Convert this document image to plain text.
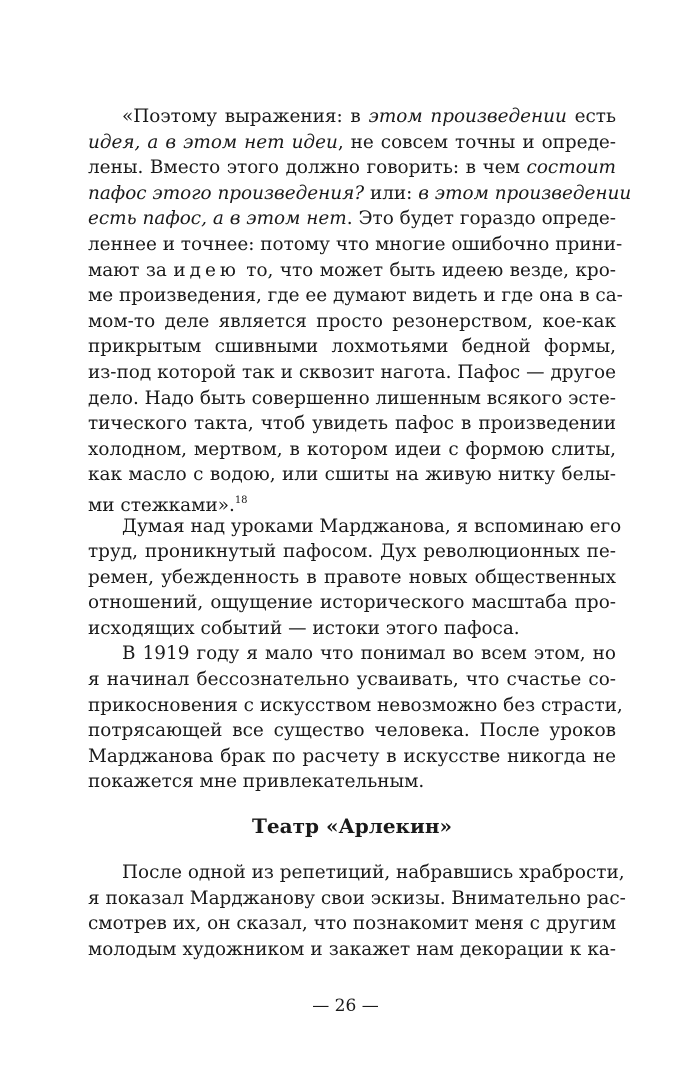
«Поэтому выражения: в этом произведении есть
идея, а в этом нет идеи, не совсем точны и опреде-
лены. Вместо этого должно говорить: в чем состоит
пафос этого произведения? или: в этом произведении
есть пафос, а в этом нет. Это будет гораздо опреде-
леннее и точнее: потому что многие ошибочно прини-
мают за идею то, что может быть идеею везде, кро-
ме произведения, где ее думают видеть и где она в са-
мом-то деле является просто резонерством, кое-как
прикрытым сшивными лохмотьями бедной формы,
из-под которой так и сквозит нагота. Пафос — другое
дело. Надо быть совершенно лишенным всякого эсте-
тического такта, чтоб увидеть пафос в произведении
холодном, мертвом, в котором идеи с формою слиты,
как масло с водою, или сшиты на живую нитку белы-
ми стежками».$^{18}$
Думая над уроками Марджанова, я вспоминаю его
труд, проникнутый пафосом. Дух революционных пе-
ремен, убежденность в правоте новых общественных
отношений, ощущение исторического масштаба про-
исходящих событий — истоки этого пафоса.
В 1919 году я мало что понимал во всем этом, но
я начинал бессознательно усваивать, что счастье со-
прикосновения с искусством невозможно без страсти,
потрясающей все существо человека. После уроков
Марджанова брак по расчету в искусстве никогда не
покажется мне привлекательным.
Театр «Арлекин»
После одной из репетиций, набравшись храбрости,
я показал Марджанову свои эскизы. Внимательно рас-
смотрев их, он сказал, что познакомит меня с другим
молодым художником и закажет нам декорации к ка-
— 26 —
